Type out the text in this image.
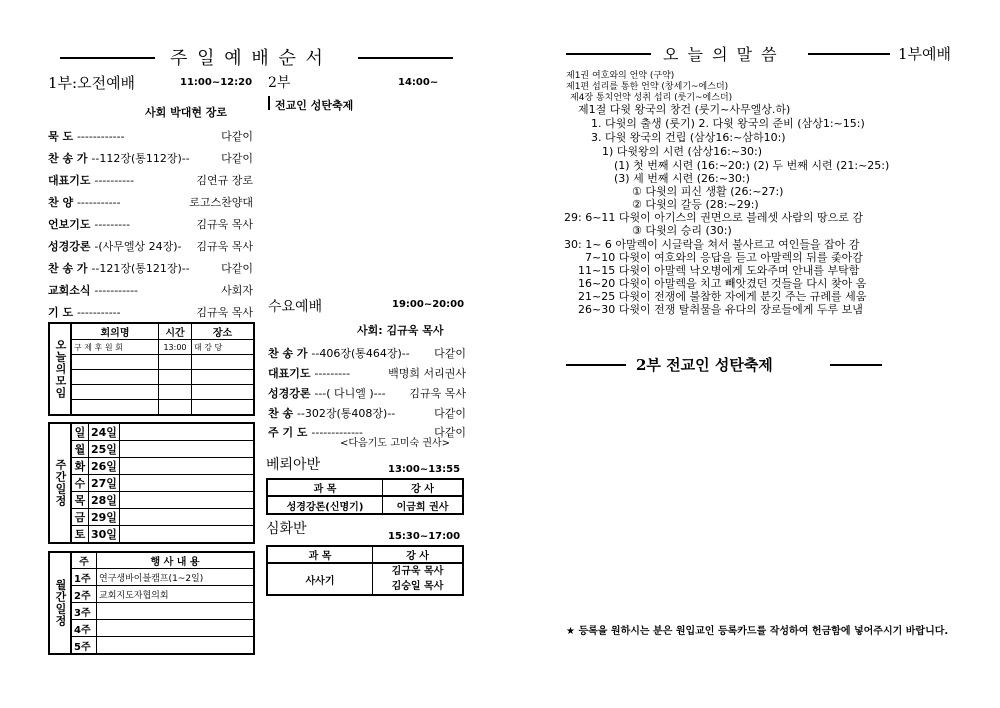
주 일 예 배 순 서
1부:오전예배	11:00~12:20
사회 박대현 장로
묵 도 ------------	다같이
찬 송 가 --112장(통112장)--	다같이
대표기도 ----------	김연규 장로
찬 양 -----------	로고스찬양대
언보기도 ---------	김규욱 목사
성경강론 -(사무엘상 24장)- 김규욱 목사
찬 송 가 --121장(통121장)--	다같이
교회소식 -----------	사회자
기 도 -----------	김규욱 목사
2부	14:00~
전교인 성탄축제
오늘의모임	회의명	시간	장소
	구 제 후 원 회	13:00	대 강 당

주간일정	일	24일	
	월	25일	
	화	26일	
	수	27일	
	목	28일	
	금	29일	
	토	30일	
월간일정	주	행 사 내 용
	1주	연구생바이블캠프(1~2일)
	2주	교회지도자협의회
	3주	
	4주	
	5주	
수요예배	19:00~20:00
사회: 김규욱 목사
찬 송 가 --406장(통464장)-- 다같이
대표기도 ---------	백명희 서리권사
성경강론 ---( 다니엘 )--- 김규욱 목사
찬 송 --302장(통408장)--	다같이
주 기 도 -------------	다같이
<다음기도 고미숙 권사>
베뢰아반	13:00~13:55
과 목	강 사
성경강론(신명기)	이금희 권사
심화반	15:30~17:00
과 목	강 사
사사기	김규욱 목사
김숭일 목사
오 늘 의 말 씀	1부예배
제1권 여호와의 언약 (구약)
제1편 섭리를 통한 언약 (창세기~에스더)
제4장 통치언약 성취 섭리 (룻기~에스더)
제1절 다윗 왕국의 창건 (룻기~사무엘상.하)
1. 다윗의 출생 (룻기) 2. 다윗 왕국의 준비 (삼상1:~15:)
3. 다윗 왕국의 건립 (삼상16:~삼하10:)
1) 다윗왕의 시련 (삼상16:~30:)
(1) 첫 번째 시련 (16:~20:) (2) 두 번째 시련 (21:~25:)
(3) 세 번째 시련 (26:~30:)
① 다윗의 피신 생활 (26:~27:)
② 다윗의 갈등 (28:~29:)
③ 다윗의 승리 (30:)
29: 6~11 다윗이 아기스의 권면으로 블레셋 사람의 땅으로 감
30: 1~ 6 아말렉이 시글락을 쳐서 불사르고 여인들을 잡아 감
7~10 다윗이 여호와의 응답을 듣고 아말렉의 뒤를 좇아감
11~15 다윗이 아말렉 낙오병에게 도와주며 안내를 부탁함
16~20 다윗이 아말렉을 치고 빼앗겼던 것들을 다시 찾아 옴
21~25 다윗이 전쟁에 불참한 자에게 분깃 주는 규례를 세움
26~30 다윗이 전쟁 탈취물을 유다의 장로들에게 두루 보냄
2부 전교인 성탄축제
★ 등록을 원하시는 분은 원입교인 등록카드를 작성하여 헌금함에 넣어주시기 바랍니다.
